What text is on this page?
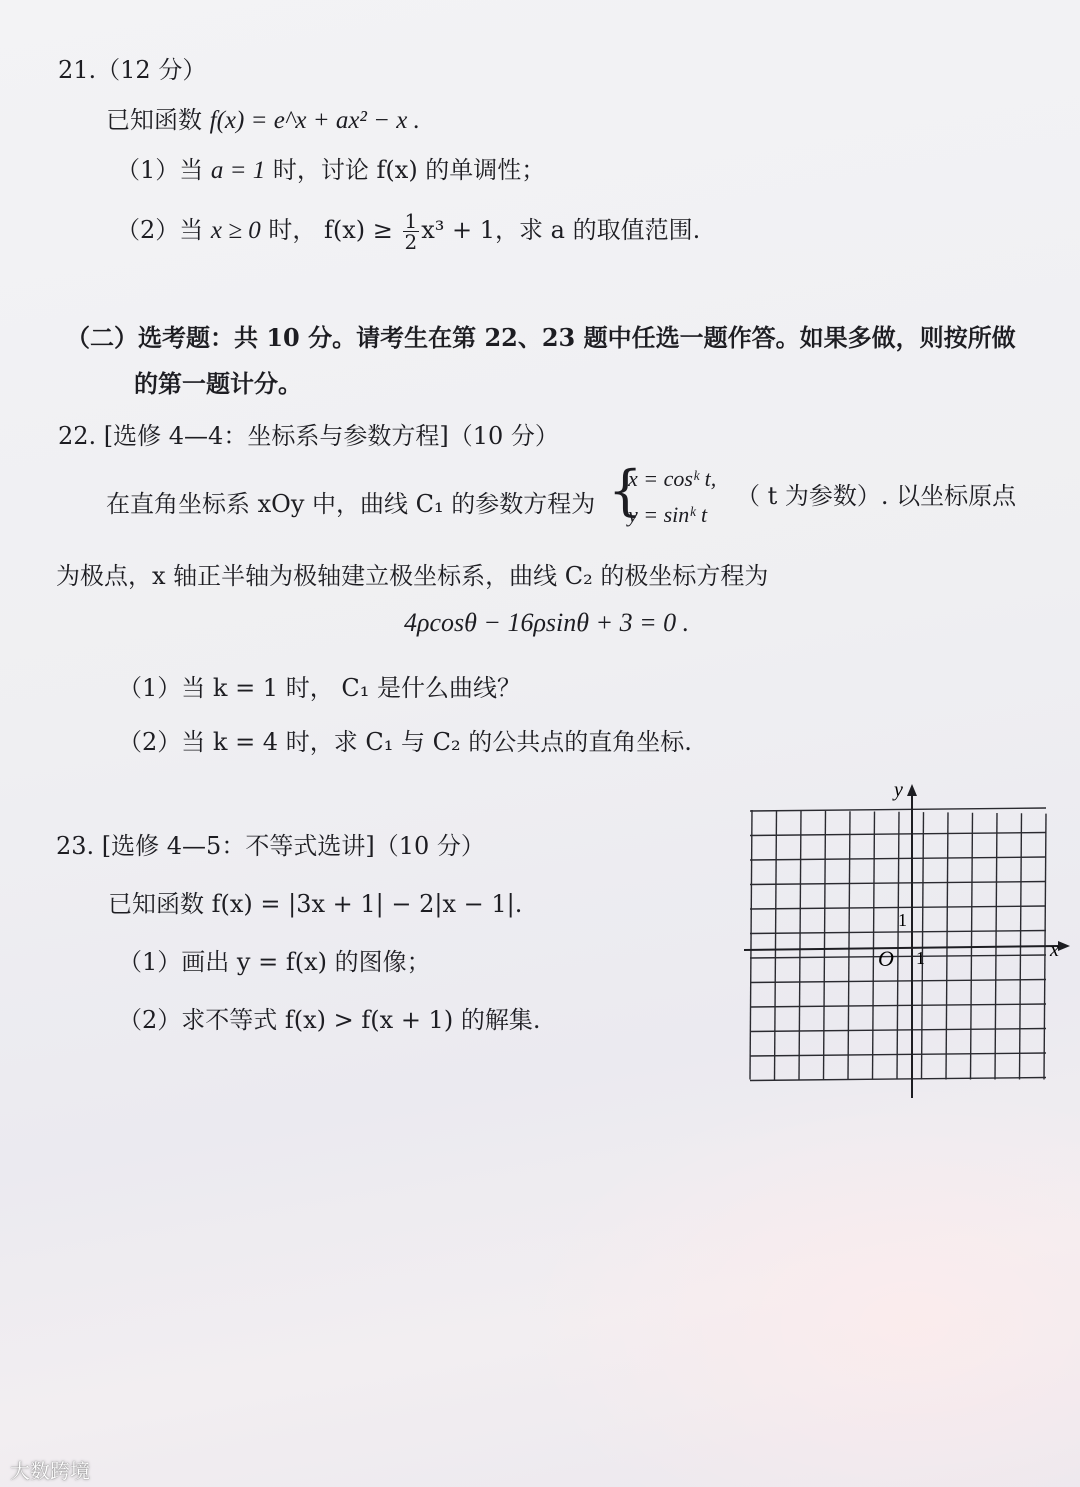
21.（12 分）
已知函数 f(x) = e^x + ax² − x .
（1）当 a = 1 时，讨论 f(x) 的单调性；
（2）当 x ≥ 0 时， $f(x) \ge \frac{1}{2} x^3 + 1$，求 a 的取值范围.
（二）选考题：共 10 分。请考生在第 22、23 题中任选一题作答。如果多做，则按所做
的第一题计分。
22. [选修 4—4：坐标系与参数方程]（10 分）
在直角坐标系 xOy 中，曲线 C₁ 的参数方程为 {
x = cosᵏ t,
y = sinᵏ t
（ t 为参数）. 以坐标原点
为极点，x 轴正半轴为极轴建立极坐标系，曲线 C₂ 的极坐标方程为
4ρcosθ − 16ρsinθ + 3 = 0 .
（1）当 k = 1 时， C₁ 是什么曲线？
（2）当 k = 4 时，求 C₁ 与 C₂ 的公共点的直角坐标.
23. [选修 4—5：不等式选讲]（10 分）
已知函数 f(x) = |3x + 1| − 2|x − 1|.
（1）画出 y = f(x) 的图像；
（2）求不等式 f(x) > f(x + 1) 的解集.
y
x
O 1
1
大数跨境
